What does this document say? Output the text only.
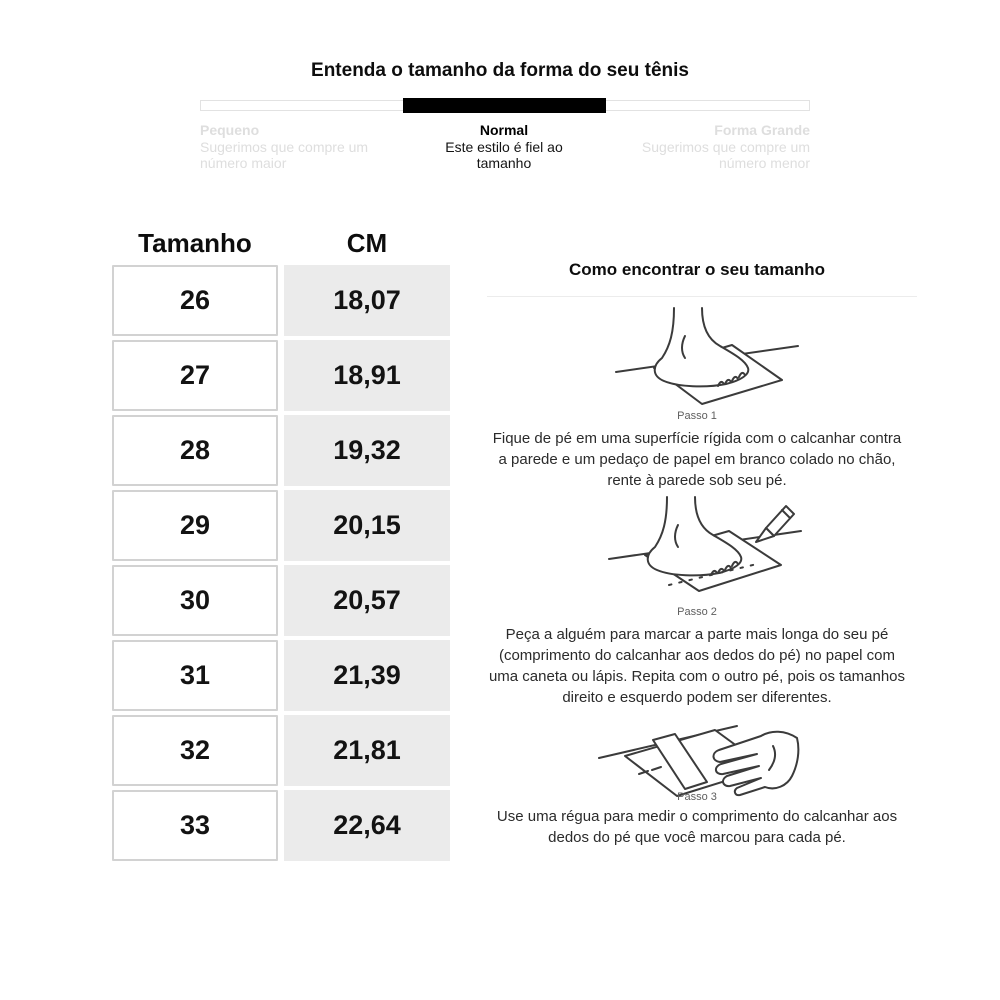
Entenda o tamanho da forma do seu tênis
Pequeno
Sugerimos que compre um número maior
Normal
Este estilo é fiel ao tamanho
Forma Grande
Sugerimos que compre um número menor
Tamanho	CM
26	18,07
27	18,91
28	19,32
29	20,15
30	20,57
31	21,39
32	21,81
33	22,64
Como encontrar o seu tamanho
Passo 1
Fique de pé em uma superfície rígida com o calcanhar contra a parede e um pedaço de papel em branco colado no chão, rente à parede sob seu pé.
Passo 2
Peça a alguém para marcar a parte mais longa do seu pé (comprimento do calcanhar aos dedos do pé) no papel com uma caneta ou lápis. Repita com o outro pé, pois os tamanhos direito e esquerdo podem ser diferentes.
Passo 3
Use uma régua para medir o comprimento do calcanhar aos dedos do pé que você marcou para cada pé.
